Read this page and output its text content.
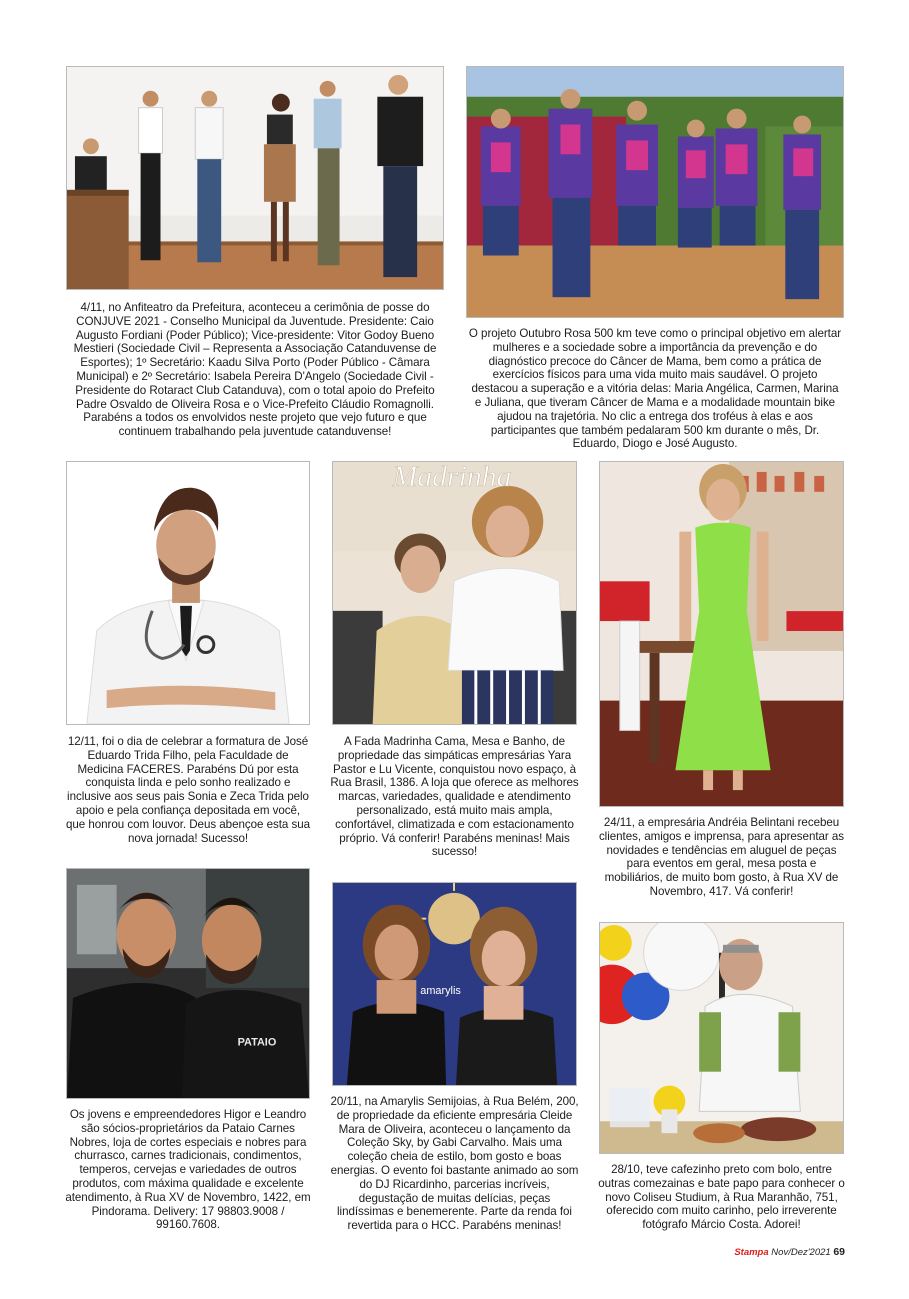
Madrinha
PATAIO
amarylis

4/11, no Anfiteatro da Prefeitura, aconteceu a cerimônia de posse do CONJUVE 2021 - Conselho Municipal da Juventude. Presidente: Caio Augusto Fordiani (Poder Público); Vice-presidente: Vitor Godoy Bueno Mestieri (Sociedade Civil – Representa a Associação Catanduvense de Esportes); 1º Secretário: Kaadu Silva Porto (Poder Público - Câmara Municipal) e 2º Secretário: Isabela Pereira D'Angelo (Sociedade Civil - Presidente do Rotaract Club Catanduva), com o total apoio do Prefeito Padre Osvaldo de Oliveira Rosa e o Vice-Prefeito Cláudio Romagnolli. Parabéns a todos os envolvidos neste projeto que vejo futuro e que continuem trabalhando pela juventude catanduvense!

O projeto Outubro Rosa 500 km teve como o principal objetivo em alertar mulheres e a sociedade sobre a importância da prevenção e do diagnóstico precoce do Câncer de Mama, bem como a prática de exercícios físicos para uma vida muito mais saudável. O projeto destacou a superação e a vitória delas: Maria Angélica, Carmen, Marina e Juliana, que tiveram Câncer de Mama e a modalidade mountain bike ajudou na trajetória. No clic a entrega dos troféus à elas e aos participantes que também pedalaram 500 km durante o mês, Dr. Eduardo, Diogo e José Augusto.

12/11, foi o dia de celebrar a formatura de José Eduardo Trida Filho, pela Faculdade de Medicina FACERES. Parabéns Dú por esta conquista linda e pelo sonho realizado e inclusive aos seus pais Sonia e Zeca Trida pelo apoio e pela confiança depositada em você, que honrou com louvor. Deus abençoe esta sua nova jornada! Sucesso!

A Fada Madrinha Cama, Mesa e Banho, de propriedade das simpáticas empresárias Yara Pastor e Lu Vicente, conquistou novo espaço, à Rua Brasil, 1386. A loja que oferece as melhores marcas, variedades, qualidade e atendimento personalizado, está muito mais ampla, confortável, climatizada e com estacionamento próprio. Vá conferir! Parabéns meninas! Mais sucesso!

24/11, a empresária Andréia Belintani recebeu clientes, amigos e imprensa, para apresentar as novidades e tendências em aluguel de peças para eventos em geral, mesa posta e mobiliários, de muito bom gosto, à Rua XV de Novembro, 417. Vá conferir!

Os jovens e empreendedores Higor e Leandro são sócios-proprietários da Pataio Carnes Nobres, loja de cortes especiais e nobres para churrasco, carnes tradicionais, condimentos, temperos, cervejas e variedades de outros produtos, com máxima qualidade e excelente atendimento, à Rua XV de Novembro, 1422, em Pindorama. Delivery: 17 98803.9008 / 99160.7608.

20/11, na Amarylis Semijoias, à Rua Belém, 200, de propriedade da eficiente empresária Cleide Mara de Oliveira, aconteceu o lançamento da Coleção Sky, by Gabi Carvalho. Mais uma coleção cheia de estilo, bom gosto e boas energias. O evento foi bastante animado ao som do DJ Ricardinho, parcerias incríveis, degustação de muitas delícias, peças lindíssimas e benemerente. Parte da renda foi revertida para o HCC. Parabéns meninas!

28/10, teve cafezinho preto com bolo, entre outras comezainas e bate papo para conhecer o novo Coliseu Studium, à Rua Maranhão, 751, oferecido com muito carinho, pelo irreverente fotógrafo Márcio Costa. Adorei!

Stampa Nov/Dez'2021 69
